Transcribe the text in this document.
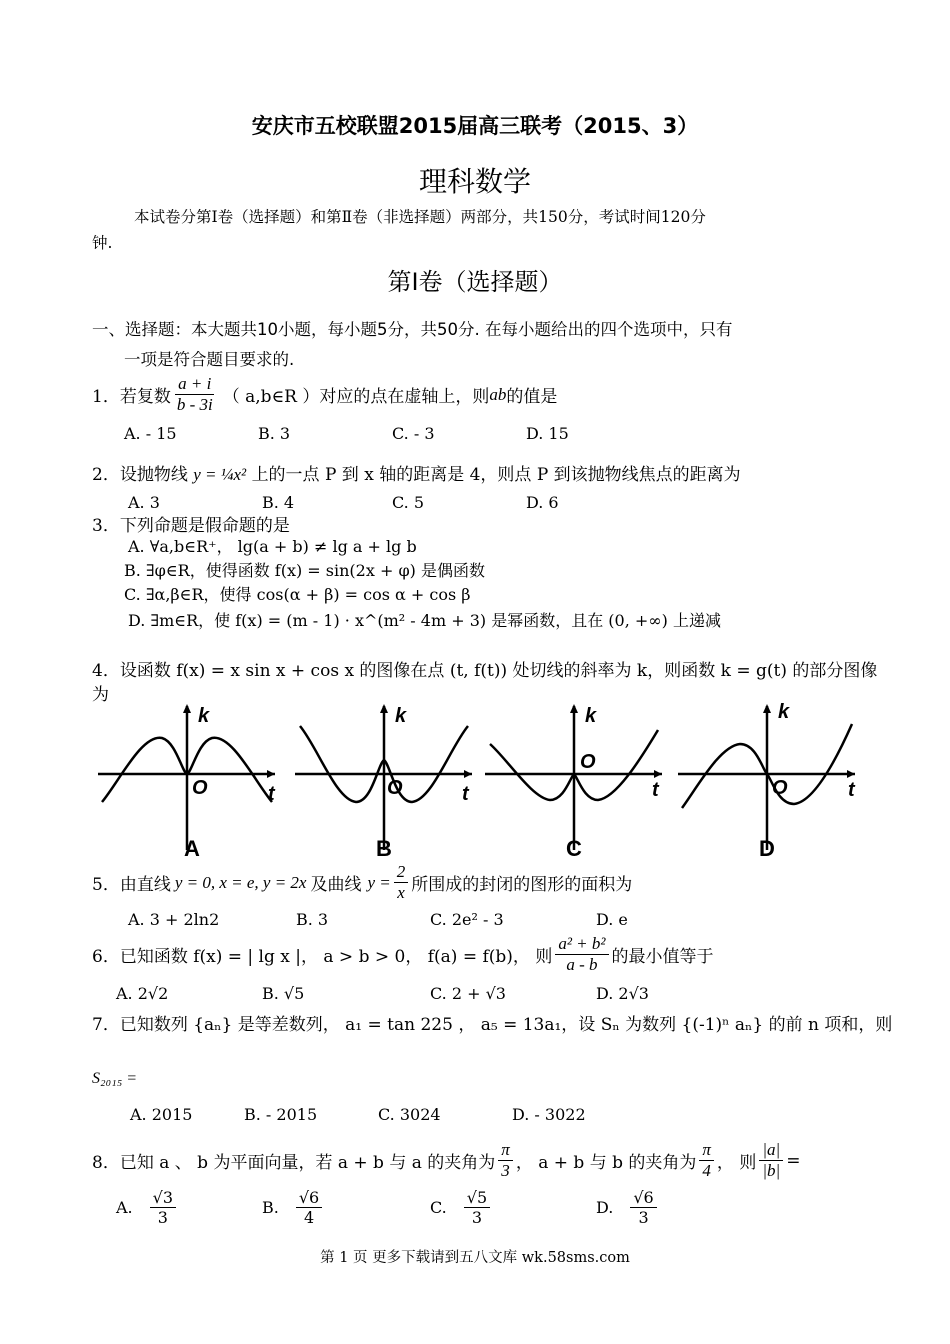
安庆市五校联盟2015届高三联考（2015、3）
理科数学
本试卷分第Ⅰ卷（选择题）和第Ⅱ卷（非选择题）两部分，共150分，考试时间120分
钟.
第Ⅰ卷（选择题）
一、选择题：本大题共10小题，每小题5分，共50分. 在每小题给出的四个选项中，只有
一项是符合题目要求的.
1．若复数 $\frac{a + i}{b - 3i}$ （ a,b∈R ） 对应的点在虚轴上，则 ab 的值是
A. - 15	B. 3	C. - 3	D. 15
2．设抛物线 y = ¼x² 上的一点 P 到 x 轴的距离是 4，则点 P 到该抛物线焦点的距离为
A. 3	B. 4	C. 5	D. 6
3．下列命题是假命题的是
A. ∀a,b∈R⁺， lg(a + b) ≠ lg a + lg b
B. ∃φ∈R，使得函数 f(x) = sin(2x + φ) 是偶函数
C. ∃α,β∈R，使得 cos(α + β) = cos α + cos β
D. ∃m∈R，使 f(x) = (m - 1) · x^(m² - 4m + 3) 是幂函数，且在 (0, +∞) 上递减
4．设函数 f(x) = x sin x + cos x 的图像在点 (t, f(t)) 处切线的斜率为 k，则函数 k = g(t) 的部分图像
为
k
t
O
k
t
O
k
t
O
k
t
O
A	B	C	D
5．由直线 y = 0, x = e, y = 2x 及曲线 $y = \frac{2}{x}$ 所围成的封闭的图形的面积为
A. 3 + 2ln2	B. 3	C. 2e² - 3	D. e
6．已知函数 f(x) = | lg x |， a > b > 0， f(a) = f(b)， 则 $\frac{\text{a² + b²}}{a - b}$ 的最小值等于
A. 2√2	B. √5	C. 2 + √3	D. 2√3
7．已知数列 {aₙ} 是等差数列， a₁ = tan 225 ， a₅ = 13a₁，设 Sₙ 为数列 {(-1)ⁿ aₙ} 的前 n 项和，则
S₂₀₁₅ =
A. 2015	B. - 2015	C. 3024	D. - 3022
8．已知 a 、 b 为平面向量，若 a + b 与 a 的夹角为 $\frac{\pi}{3}$ ， a + b 与 b 的夹角为 $\frac{\pi}{4}$ ， 则 $\frac{|a|}{|b|}$ =
A. $\frac{√3}{3}$	B. $\frac{√6}{4}$	C. $\frac{√5}{3}$	D. $\frac{√6}{3}$
第 1 页 更多下载请到五八文库 wk.58sms.com
